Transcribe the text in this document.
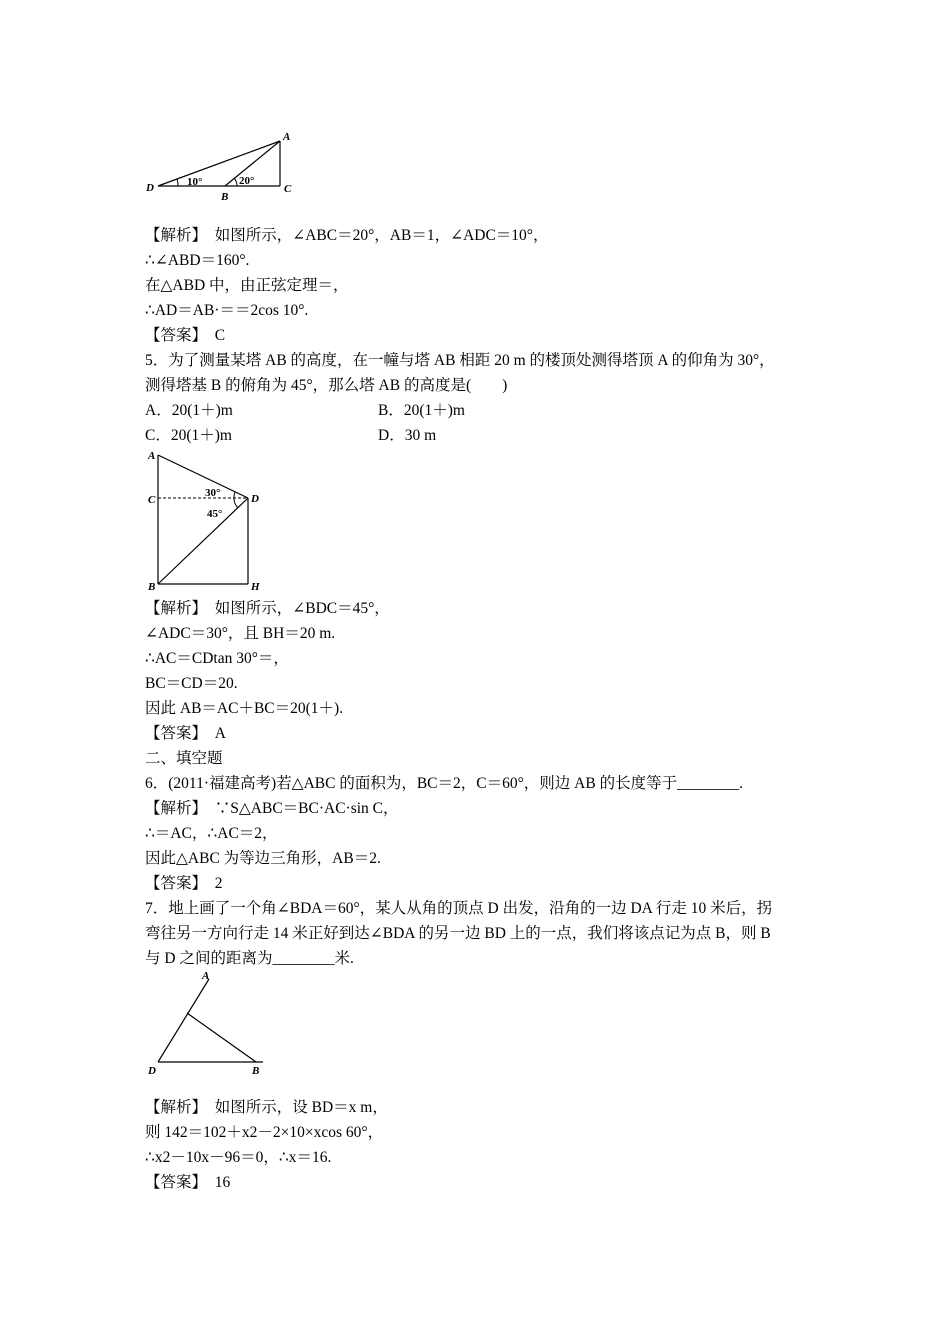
A
D
B
C
10°	20°
【解析】　如图所示，∠ABC＝20°，AB＝1，∠ADC＝10°，
∴∠ABD＝160°.
在△ABD 中，由正弦定理＝，
∴AD＝AB·＝＝2cos 10°.
【答案】　C
5．为了测量某塔 AB 的高度，在一幢与塔 AB 相距 20 m 的楼顶处测得塔顶 A 的仰角为 30°，
测得塔基 B 的俯角为 45°，那么塔 AB 的高度是(　　)
A．20(1＋)m	B．20(1＋)m
C．20(1＋)m	D．30 m
A
C	D
B	H
30°
45°
【解析】　如图所示，∠BDC＝45°，
∠ADC＝30°，且 BH＝20 m.
∴AC＝CDtan 30°＝，
BC＝CD＝20.
因此 AB＝AC＋BC＝20(1＋).
【答案】　A
二、填空题
6．(2011·福建高考)若△ABC 的面积为，BC＝2，C＝60°，则边 AB 的长度等于________.
【解析】　∵S△ABC＝BC·AC·sin C，
∴＝AC，∴AC＝2，
因此△ABC 为等边三角形，AB＝2.
【答案】　2
7．地上画了一个角∠BDA＝60°，某人从角的顶点 D 出发，沿角的一边 DA 行走 10 米后，拐
弯往另一方向行走 14 米正好到达∠BDA 的另一边 BD 上的一点，我们将该点记为点 B，则 B
与 D 之间的距离为________米.
A
D	B
【解析】　如图所示，设 BD＝x m，
则 142＝102＋x2－2×10×xcos 60°，
∴x2－10x－96＝0，∴x＝16.
【答案】　16
